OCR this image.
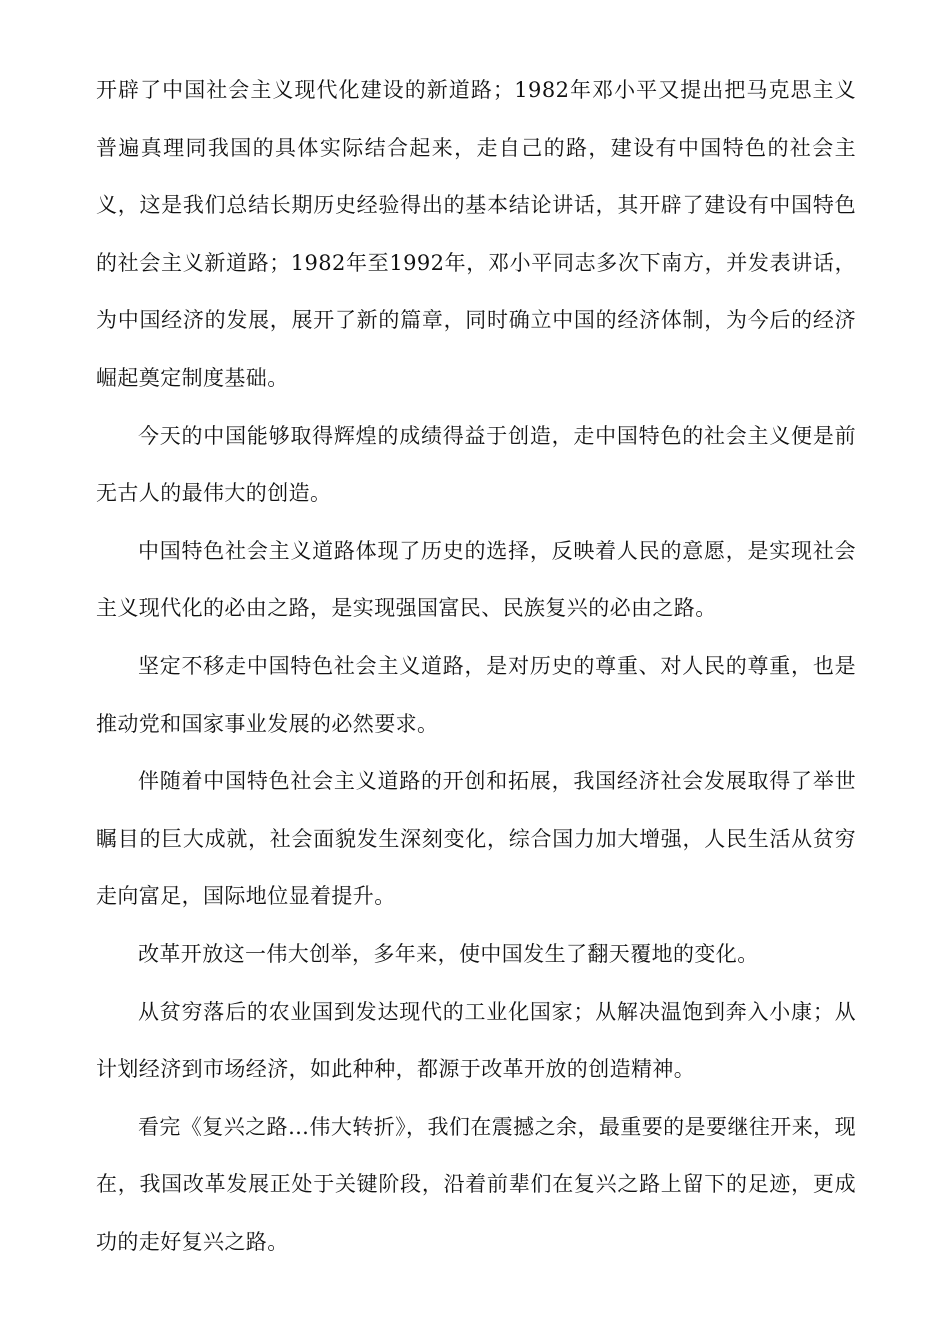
开辟了中国社会主义现代化建设的新道路；1982年邓小平又提出把马克思主义普遍真理同我国的具体实际结合起来，走自己的路，建设有中国特色的社会主义，这是我们总结长期历史经验得出的基本结论讲话，其开辟了建设有中国特色的社会主义新道路；1982年至1992年，邓小平同志多次下南方，并发表讲话，为中国经济的发展，展开了新的篇章，同时确立中国的经济体制，为今后的经济崛起奠定制度基础。

今天的中国能够取得辉煌的成绩得益于创造，走中国特色的社会主义便是前无古人的最伟大的创造。

中国特色社会主义道路体现了历史的选择，反映着人民的意愿，是实现社会主义现代化的必由之路，是实现强国富民、民族复兴的必由之路。

坚定不移走中国特色社会主义道路，是对历史的尊重、对人民的尊重，也是推动党和国家事业发展的必然要求。

伴随着中国特色社会主义道路的开创和拓展，我国经济社会发展取得了举世瞩目的巨大成就，社会面貌发生深刻变化，综合国力加大增强，人民生活从贫穷走向富足，国际地位显着提升。

改革开放这一伟大创举，多年来，使中国发生了翻天覆地的变化。

从贫穷落后的农业国到发达现代的工业化国家；从解决温饱到奔入小康；从计划经济到市场经济，如此种种，都源于改革开放的创造精神。

看完《复兴之路…伟大转折》，我们在震撼之余，最重要的是要继往开来，现在，我国改革发展正处于关键阶段，沿着前辈们在复兴之路上留下的足迹，更成功的走好复兴之路。
